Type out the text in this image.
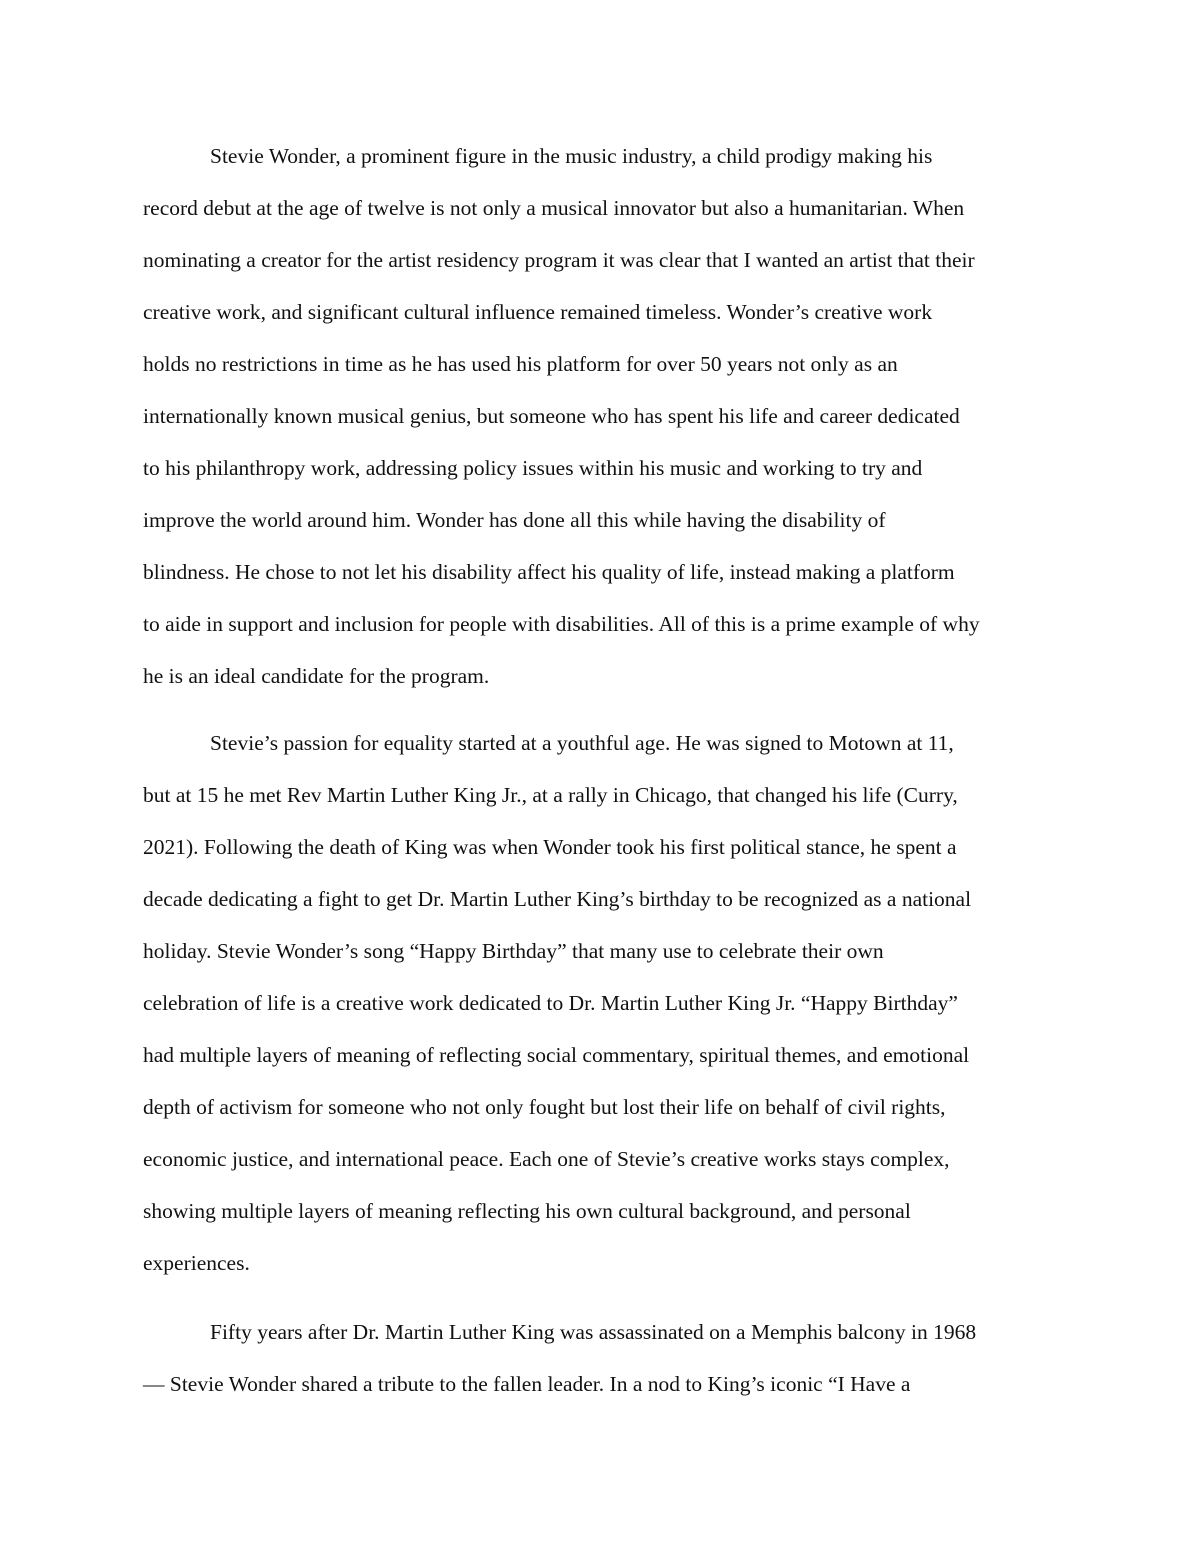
Stevie Wonder, a prominent figure in the music industry, a child prodigy making his

record debut at the age of twelve is not only a musical innovator but also a humanitarian. When

nominating a creator for the artist residency program it was clear that I wanted an artist that their

creative work, and significant cultural influence remained timeless. Wonder’s creative work

holds no restrictions in time as he has used his platform for over 50 years not only as an

internationally known musical genius, but someone who has spent his life and career dedicated

to his philanthropy work, addressing policy issues within his music and working to try and

improve the world around him. Wonder has done all this while having the disability of

blindness. He chose to not let his disability affect his quality of life, instead making a platform

to aide in support and inclusion for people with disabilities. All of this is a prime example of why

he is an ideal candidate for the program.

Stevie’s passion for equality started at a youthful age. He was signed to Motown at 11,

but at 15 he met Rev Martin Luther King Jr., at a rally in Chicago, that changed his life (Curry,

2021). Following the death of King was when Wonder took his first political stance, he spent a

decade dedicating a fight to get Dr. Martin Luther King’s birthday to be recognized as a national

holiday. Stevie Wonder’s song “Happy Birthday” that many use to celebrate their own

celebration of life is a creative work dedicated to Dr. Martin Luther King Jr. “Happy Birthday”

had multiple layers of meaning of reflecting social commentary, spiritual themes, and emotional

depth of activism for someone who not only fought but lost their life on behalf of civil rights,

economic justice, and international peace. Each one of Stevie’s creative works stays complex,

showing multiple layers of meaning reflecting his own cultural background, and personal

experiences.

Fifty years after Dr. Martin Luther King was assassinated on a Memphis balcony in 1968

— Stevie Wonder shared a tribute to the fallen leader. In a nod to King’s iconic “I Have a
